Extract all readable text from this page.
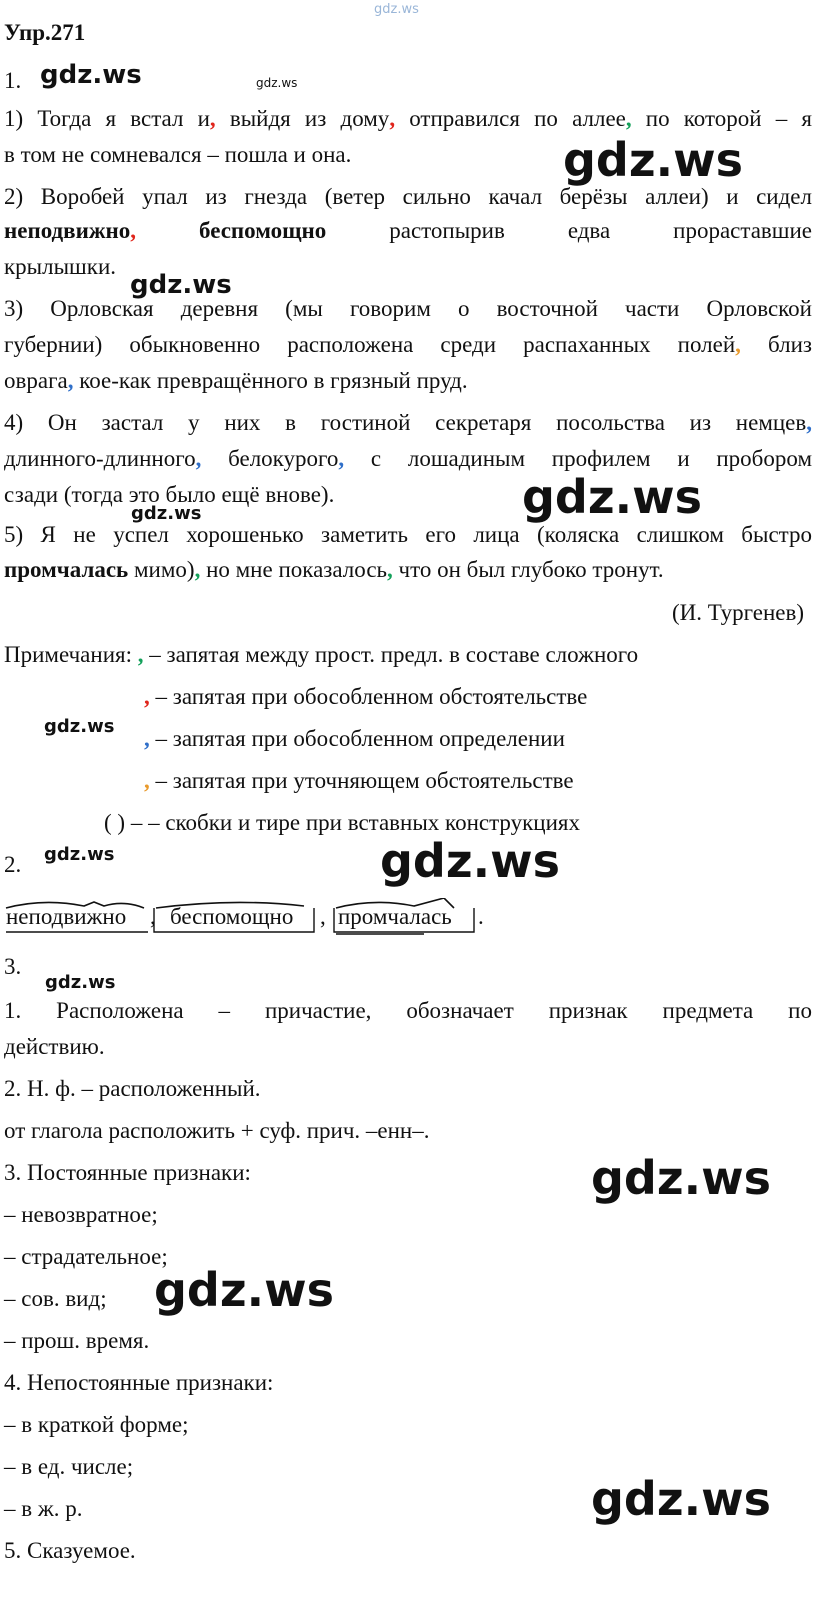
gdz.ws
gdz.ws	gdz.ws
gdz.ws
gdz.ws
gdz.ws
gdz.ws
gdz.ws
gdz.ws	gdz.ws
gdz.ws
gdz.ws
gdz.ws
gdz.ws
Упр.271
1.
1) Тогда я встал и, выйдя из дому, отправился по аллее, по которой – я
в том не сомневался – пошла и она.
2) Воробей упал из гнезда (ветер сильно качал берёзы аллеи) и сидел
неподвижно,	беспомощно	растопырив	едва	прораставшие
крылышки.
3) Орловская деревня (мы говорим о восточной части Орловской
губернии) обыкновенно расположена среди распаханных полей, близ
оврага, кое-как превращённого в грязный пруд.
4) Он застал у них в гостиной секретаря посольства из немцев,
длинного-длинного, белокурого, с лошадиным профилем и пробором
сзади (тогда это было ещё внове).
5) Я не успел хорошенько заметить его лица (коляска слишком быстро
промчалась мимо), но мне показалось, что он был глубоко тронут.
(И. Тургенев)
Примечания: , – запятая между прост. предл. в составе сложного
, – запятая при обособленном обстоятельстве
, – запятая при обособленном определении
, – запятая при уточняющем обстоятельстве
( ) – – скобки и тире при вставных конструкциях
2.
неподвижно , беспомощно , промчалась .
3.
1. Расположена – причастие, обозначает признак предмета по
действию.
2. Н. ф. – расположенный.
от глагола расположить + суф. прич. –енн–.
3. Постоянные признаки:
– невозвратное;
– страдательное;
– сов. вид;
– прош. время.
4. Непостоянные признаки:
– в краткой форме;
– в ед. числе;
– в ж. р.
5. Сказуемое.
